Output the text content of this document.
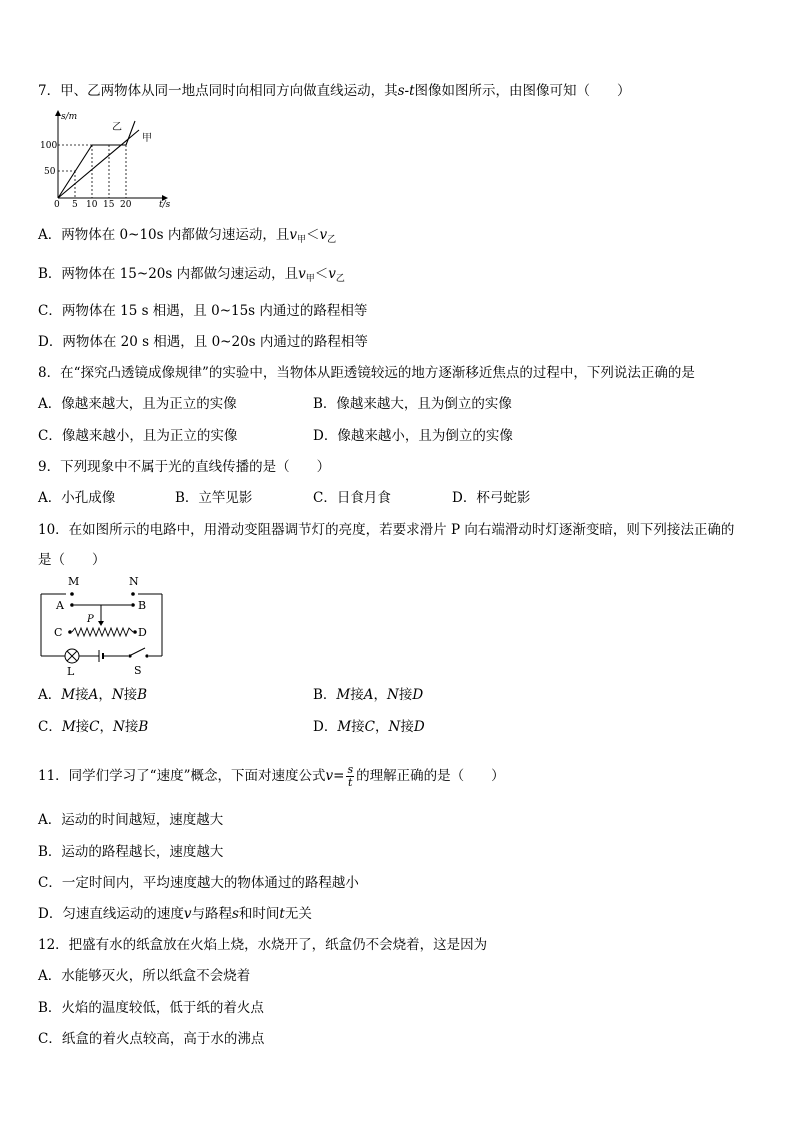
7．甲、乙两物体从同一地点同时向相同方向做直线运动，其s-t图像如图所示，由图像可知（　　）
s/m
t/s
100
50
0 5 10 15 20
乙
甲
A．两物体在 0~10s 内都做匀速运动，且$v_甲<v_乙$
B．两物体在 15~20s 内都做匀速运动，且$v_甲<v_乙$
C．两物体在 15 s 相遇，且 0~15s 内通过的路程相等
D．两物体在 20 s 相遇，且 0~20s 内通过的路程相等
8．在“探究凸透镜成像规律”的实验中，当物体从距透镜较远的地方逐渐移近焦点的过程中，下列说法正确的是
A．像越来越大，且为正立的实像	B．像越来越大，且为倒立的实像
C．像越来越小，且为正立的实像	D．像越来越小，且为倒立的实像
9．下列现象中不属于光的直线传播的是（　　）
A．小孔成像	B．立竿见影	C．日食月食	D．杯弓蛇影
10．在如图所示的电路中，用滑动变阻器调节灯的亮度，若要求滑片 P 向右端滑动时灯逐渐变暗，则下列接法正确的
是（　　）
M	N
A	B
C	D
P
L	S
A．M接A，N接B	B．M接A，N接D
C．M接C，N接B	D．M接C，N接D
11．同学们学习了“速度”概念，下面对速度公式$v= \frac{s}{t}$ 的理解正确的是（　　）
A．运动的时间越短，速度越大
B．运动的路程越长，速度越大
C．一定时间内，平均速度越大的物体通过的路程越小
D．匀速直线运动的速度v与路程s和时间t无关
12．把盛有水的纸盒放在火焰上烧，水烧开了，纸盒仍不会烧着，这是因为
A．水能够灭火，所以纸盒不会烧着
B．火焰的温度较低，低于纸的着火点
C．纸盒的着火点较高，高于水的沸点
